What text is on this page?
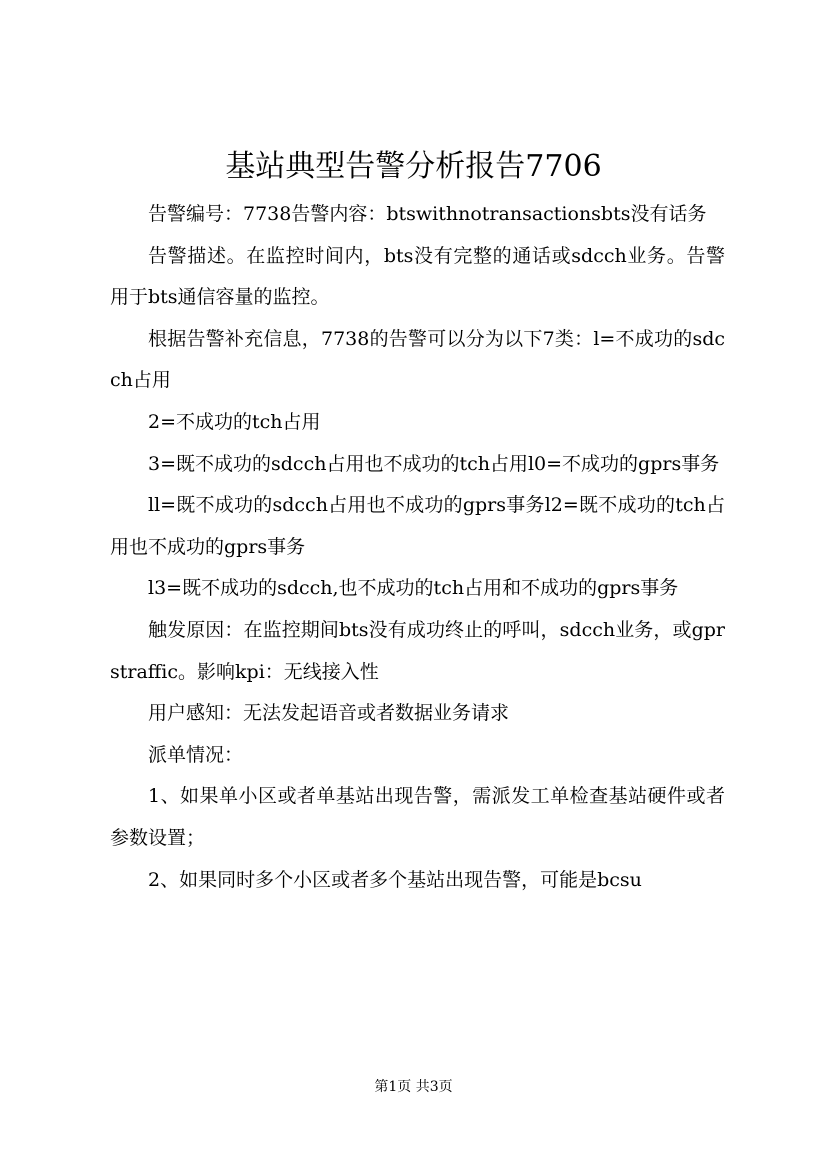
基站典型告警分析报告7706

告警编号：7738告警内容：btswithnotransactionsbts没有话务

告警描述。在监控时间内，bts没有完整的通话或sdcch业务。告警用于bts通信容量的监控。

根据告警补充信息，7738的告警可以分为以下7类：l=不成功的sdcch占用

2=不成功的tch占用

3=既不成功的sdcch占用也不成功的tch占用l0=不成功的gprs事务

ll=既不成功的sdcch占用也不成功的gprs事务l2=既不成功的tch占用也不成功的gprs事务

l3=既不成功的sdcch,也不成功的tch占用和不成功的gprs事务

触发原因：在监控期间bts没有成功终止的呼叫，sdcch业务，或gprstraffic。影响kpi：无线接入性

用户感知：无法发起语音或者数据业务请求

派单情况：

1、如果单小区或者单基站出现告警，需派发工单检查基站硬件或者参数设置；

2、如果同时多个小区或者多个基站出现告警，可能是bcsu

第1页 共3页
